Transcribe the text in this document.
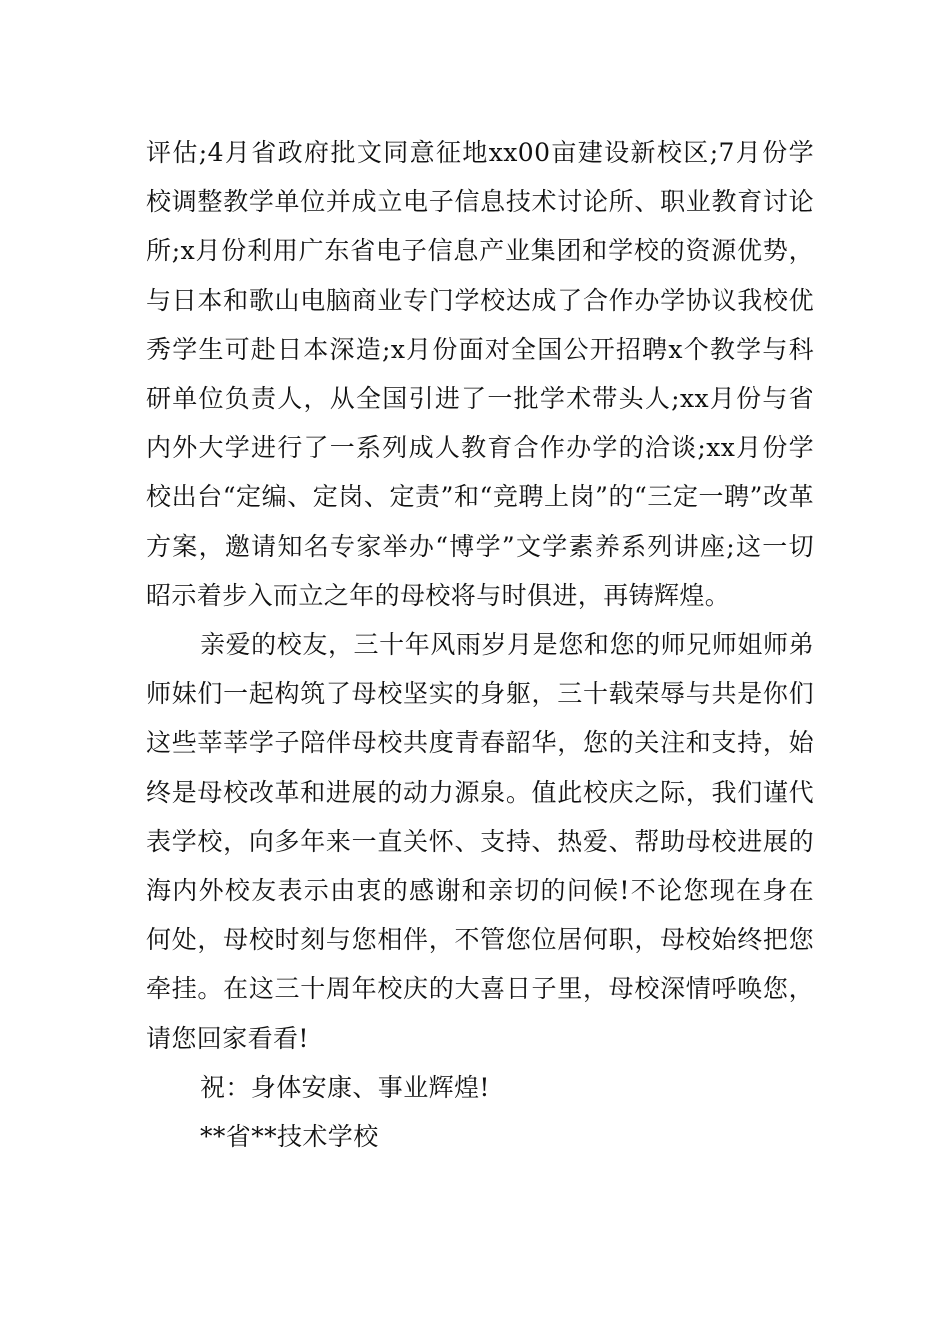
评估;4月省政府批文同意征地xx00亩建设新校区;7月份学校调整教学单位并成立电子信息技术讨论所、职业教育讨论所;x月份利用广东省电子信息产业集团和学校的资源优势，与日本和歌山电脑商业专门学校达成了合作办学协议我校优秀学生可赴日本深造;x月份面对全国公开招聘x个教学与科研单位负责人，从全国引进了一批学术带头人;xx月份与省内外大学进行了一系列成人教育合作办学的洽谈;xx月份学校出台“定编、定岗、定责”和“竞聘上岗”的“三定一聘”改革方案，邀请知名专家举办“博学”文学素养系列讲座;这一切昭示着步入而立之年的母校将与时俱进，再铸辉煌。

亲爱的校友，三十年风雨岁月是您和您的师兄师姐师弟师妹们一起构筑了母校坚实的身躯，三十载荣辱与共是你们这些莘莘学子陪伴母校共度青春韶华，您的关注和支持，始终是母校改革和进展的动力源泉。值此校庆之际，我们谨代表学校，向多年来一直关怀、支持、热爱、帮助母校进展的海内外校友表示由衷的感谢和亲切的问候!不论您现在身在何处，母校时刻与您相伴，不管您位居何职，母校始终把您牵挂。在这三十周年校庆的大喜日子里，母校深情呼唤您，请您回家看看!

祝：身体安康、事业辉煌!

**省**技术学校
